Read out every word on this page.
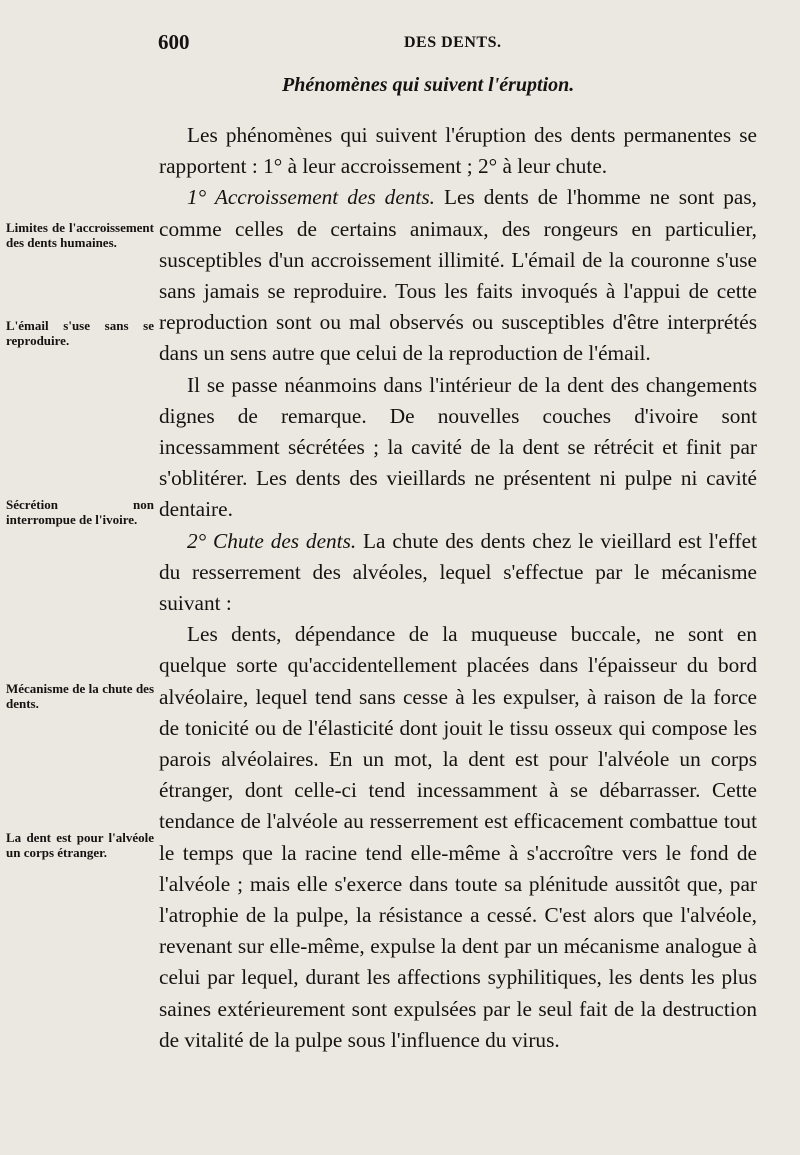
600	DES DENTS.
Phénomènes qui suivent l'éruption.
Limites de l'accroissement des dents humaines.
L'émail s'use sans se reproduire.
Sécrétion non interrompue de l'ivoire.
Mécanisme de la chute des dents.
La dent est pour l'alvéole un corps étranger.

Les phénomènes qui suivent l'éruption des dents permanentes se rapportent : 1° à leur accroissement ; 2° à leur chute.

1° Accroissement des dents. Les dents de l'homme ne sont pas, comme celles de certains animaux, des rongeurs en particulier, susceptibles d'un accroissement illimité. L'émail de la couronne s'use sans jamais se reproduire. Tous les faits invoqués à l'appui de cette reproduction sont ou mal observés ou susceptibles d'être interprétés dans un sens autre que celui de la reproduction de l'émail.

Il se passe néanmoins dans l'intérieur de la dent des changements dignes de remarque. De nouvelles couches d'ivoire sont incessamment sécrétées ; la cavité de la dent se rétrécit et finit par s'oblitérer. Les dents des vieillards ne présentent ni pulpe ni cavité dentaire.

2° Chute des dents. La chute des dents chez le vieillard est l'effet du resserrement des alvéoles, lequel s'effectue par le mécanisme suivant :

Les dents, dépendance de la muqueuse buccale, ne sont en quelque sorte qu'accidentellement placées dans l'épaisseur du bord alvéolaire, lequel tend sans cesse à les expulser, à raison de la force de tonicité ou de l'élasticité dont jouit le tissu osseux qui compose les parois alvéolaires. En un mot, la dent est pour l'alvéole un corps étranger, dont celle-ci tend incessamment à se débarrasser. Cette tendance de l'alvéole au resserrement est efficacement combattue tout le temps que la racine tend elle-même à s'accroître vers le fond de l'alvéole ; mais elle s'exerce dans toute sa plénitude aussitôt que, par l'atrophie de la pulpe, la résistance a cessé. C'est alors que l'alvéole, revenant sur elle-même, expulse la dent par un mécanisme analogue à celui par lequel, durant les affections syphilitiques, les dents les plus saines extérieurement sont expulsées par le seul fait de la destruction de vitalité de la pulpe sous l'influence du virus.
